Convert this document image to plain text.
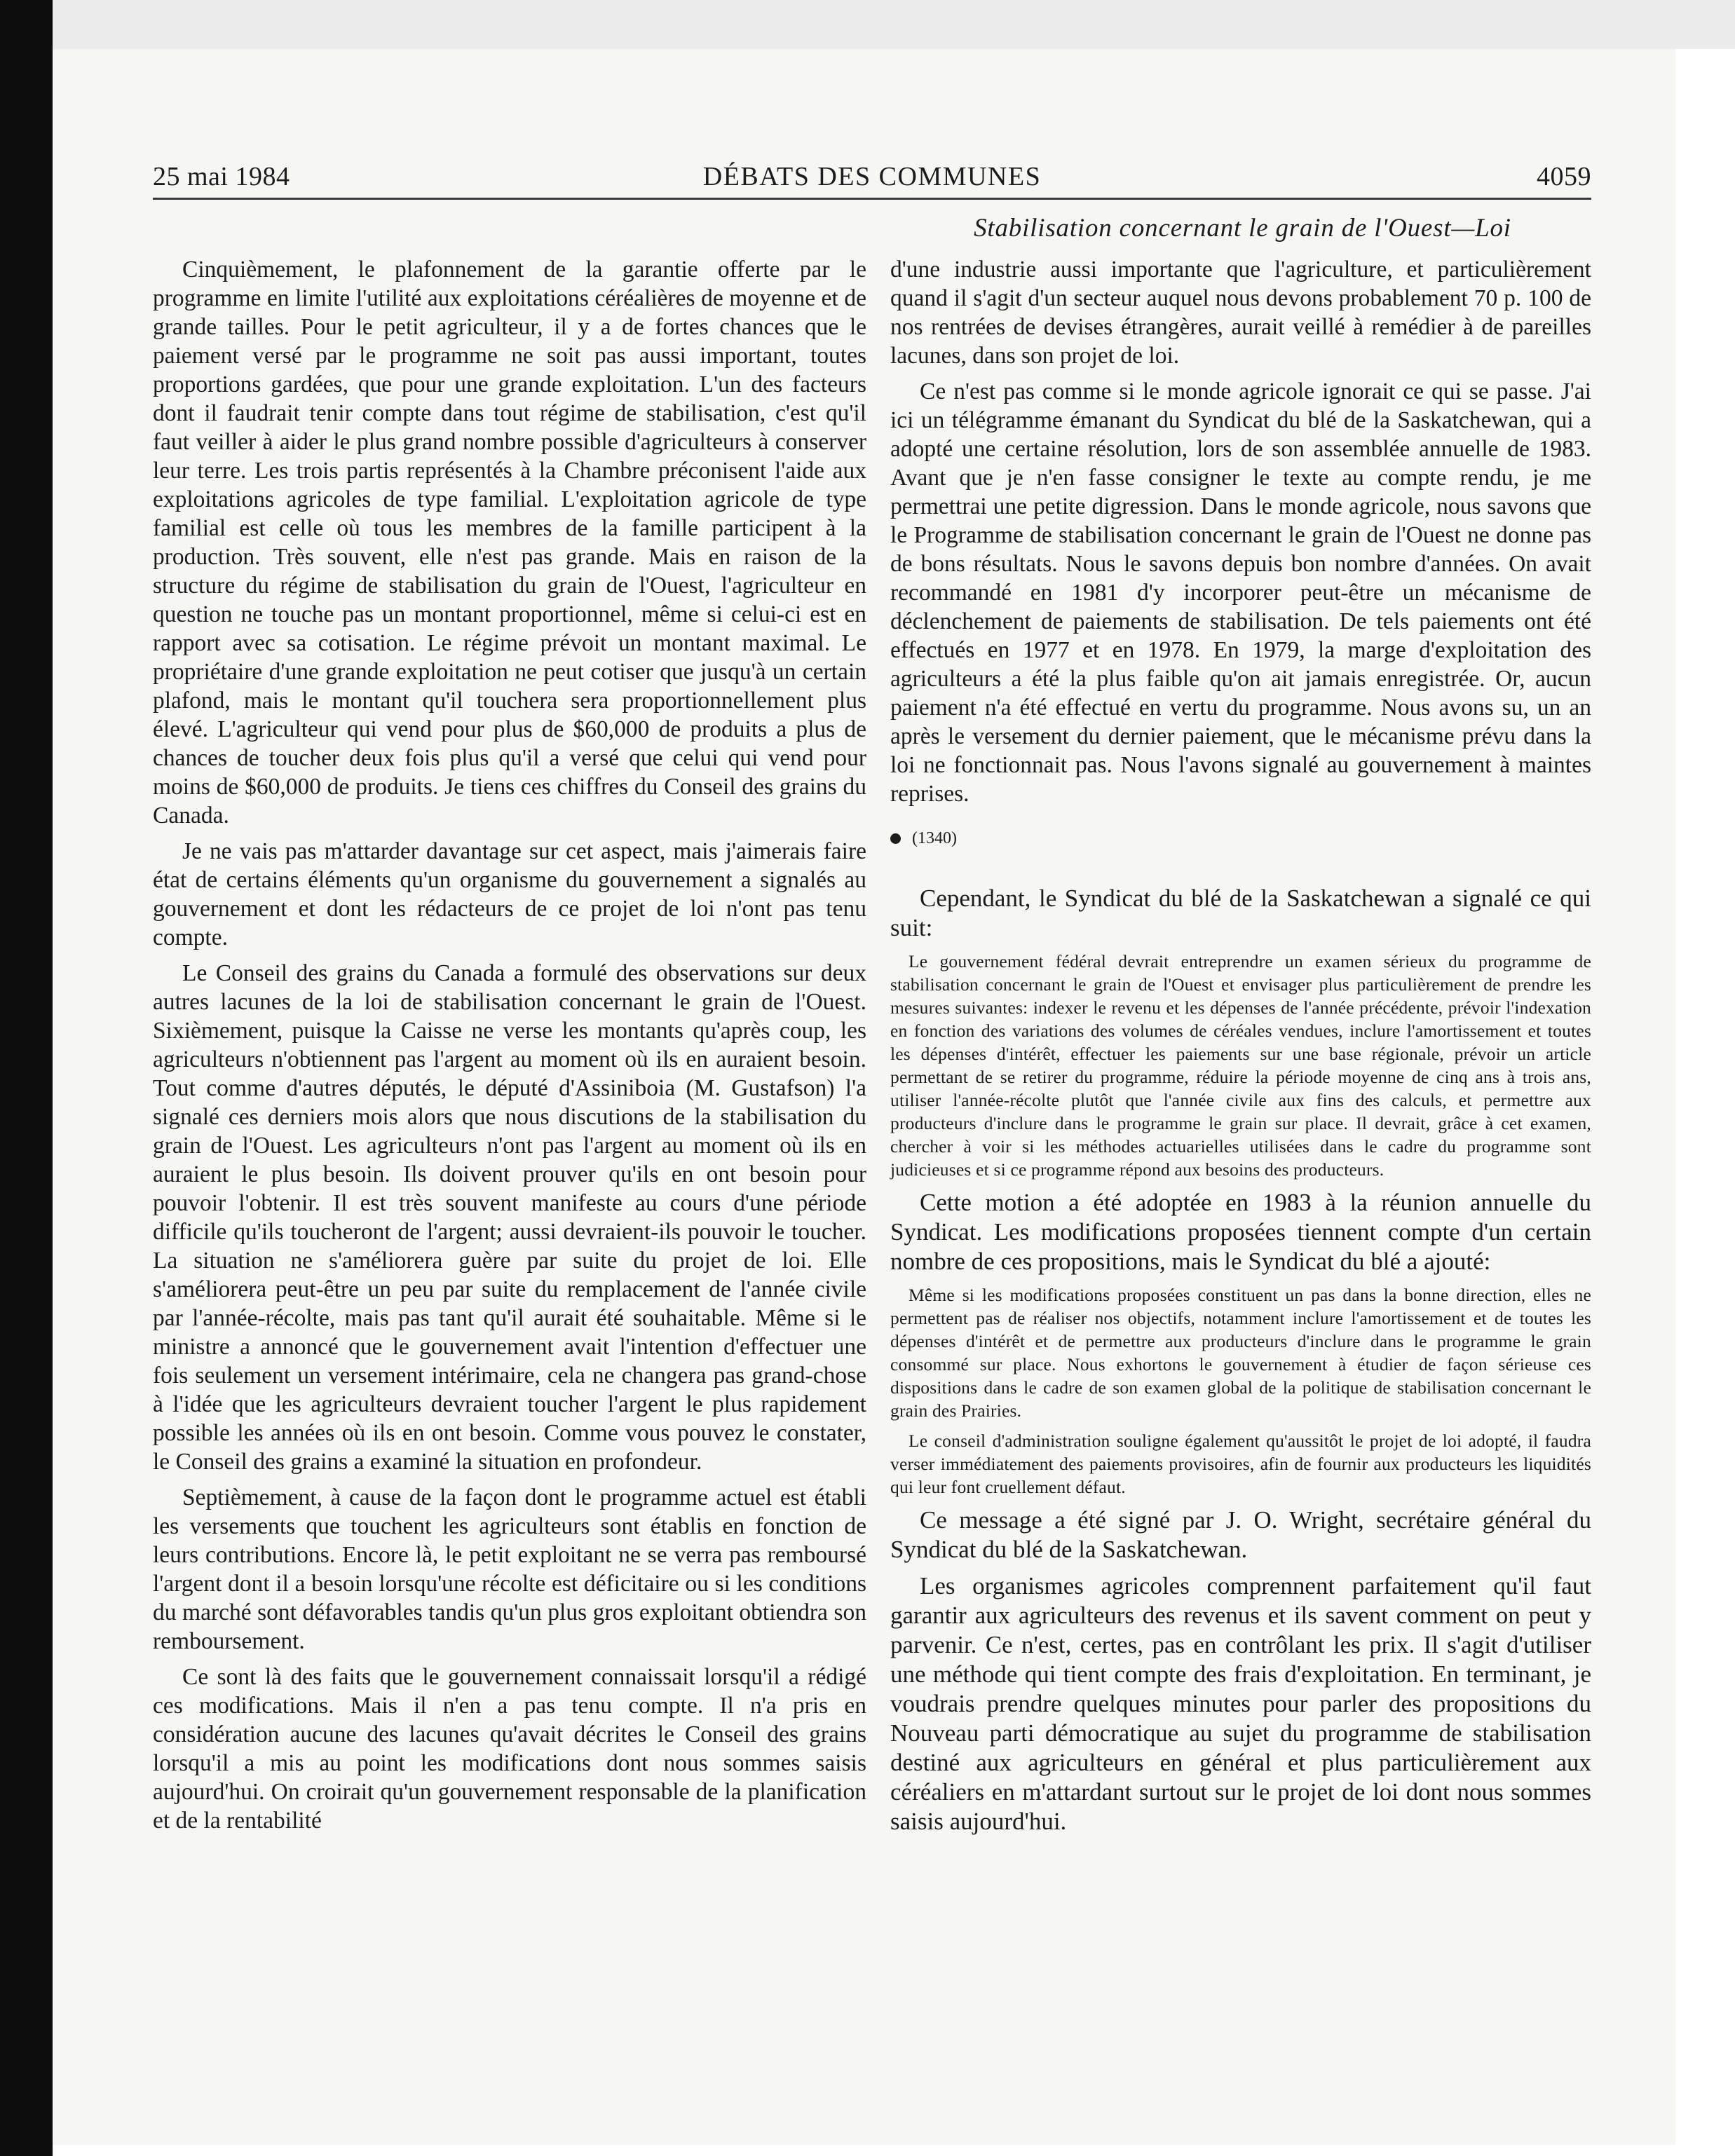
25 mai 1984	DÉBATS DES COMMUNES	4059
Stabilisation concernant le grain de l'Ouest—Loi

Cinquièmement, le plafonnement de la garantie offerte par le programme en limite l'utilité aux exploitations céréalières de moyenne et de grande tailles. Pour le petit agriculteur, il y a de fortes chances que le paiement versé par le programme ne soit pas aussi important, toutes proportions gardées, que pour une grande exploitation. L'un des facteurs dont il faudrait tenir compte dans tout régime de stabilisation, c'est qu'il faut veiller à aider le plus grand nombre possible d'agriculteurs à conserver leur terre. Les trois partis représentés à la Chambre préconisent l'aide aux exploitations agricoles de type familial. L'exploitation agricole de type familial est celle où tous les membres de la famille participent à la production. Très souvent, elle n'est pas grande. Mais en raison de la structure du régime de stabilisation du grain de l'Ouest, l'agriculteur en question ne touche pas un montant proportionnel, même si celui-ci est en rapport avec sa cotisation. Le régime prévoit un montant maximal. Le propriétaire d'une grande exploitation ne peut cotiser que jusqu'à un certain plafond, mais le montant qu'il touchera sera proportionnellement plus élevé. L'agriculteur qui vend pour plus de $60,000 de produits a plus de chances de toucher deux fois plus qu'il a versé que celui qui vend pour moins de $60,000 de produits. Je tiens ces chiffres du Conseil des grains du Canada.

Je ne vais pas m'attarder davantage sur cet aspect, mais j'aimerais faire état de certains éléments qu'un organisme du gouvernement a signalés au gouvernement et dont les rédacteurs de ce projet de loi n'ont pas tenu compte.

Le Conseil des grains du Canada a formulé des observations sur deux autres lacunes de la loi de stabilisation concernant le grain de l'Ouest. Sixièmement, puisque la Caisse ne verse les montants qu'après coup, les agriculteurs n'obtiennent pas l'argent au moment où ils en auraient besoin. Tout comme d'autres députés, le député d'Assiniboia (M. Gustafson) l'a signalé ces derniers mois alors que nous discutions de la stabilisation du grain de l'Ouest. Les agriculteurs n'ont pas l'argent au moment où ils en auraient le plus besoin. Ils doivent prouver qu'ils en ont besoin pour pouvoir l'obtenir. Il est très souvent manifeste au cours d'une période difficile qu'ils toucheront de l'argent; aussi devraient-ils pouvoir le toucher. La situation ne s'améliorera guère par suite du projet de loi. Elle s'améliorera peut-être un peu par suite du remplacement de l'année civile par l'année-récolte, mais pas tant qu'il aurait été souhaitable. Même si le ministre a annoncé que le gouvernement avait l'intention d'effectuer une fois seulement un versement intérimaire, cela ne changera pas grand-chose à l'idée que les agriculteurs devraient toucher l'argent le plus rapidement possible les années où ils en ont besoin. Comme vous pouvez le constater, le Conseil des grains a examiné la situation en profondeur.

Septièmement, à cause de la façon dont le programme actuel est établi les versements que touchent les agriculteurs sont établis en fonction de leurs contributions. Encore là, le petit exploitant ne se verra pas remboursé l'argent dont il a besoin lorsqu'une récolte est déficitaire ou si les conditions du marché sont défavorables tandis qu'un plus gros exploitant obtiendra son remboursement.

Ce sont là des faits que le gouvernement connaissait lorsqu'il a rédigé ces modifications. Mais il n'en a pas tenu compte. Il n'a pris en considération aucune des lacunes qu'avait décrites le Conseil des grains lorsqu'il a mis au point les modifications dont nous sommes saisis aujourd'hui. On croirait qu'un gouvernement responsable de la planification et de la rentabilité

d'une industrie aussi importante que l'agriculture, et particulièrement quand il s'agit d'un secteur auquel nous devons probablement 70 p. 100 de nos rentrées de devises étrangères, aurait veillé à remédier à de pareilles lacunes, dans son projet de loi.

Ce n'est pas comme si le monde agricole ignorait ce qui se passe. J'ai ici un télégramme émanant du Syndicat du blé de la Saskatchewan, qui a adopté une certaine résolution, lors de son assemblée annuelle de 1983. Avant que je n'en fasse consigner le texte au compte rendu, je me permettrai une petite digression. Dans le monde agricole, nous savons que le Programme de stabilisation concernant le grain de l'Ouest ne donne pas de bons résultats. Nous le savons depuis bon nombre d'années. On avait recommandé en 1981 d'y incorporer peut-être un mécanisme de déclenchement de paiements de stabilisation. De tels paiements ont été effectués en 1977 et en 1978. En 1979, la marge d'exploitation des agriculteurs a été la plus faible qu'on ait jamais enregistrée. Or, aucun paiement n'a été effectué en vertu du programme. Nous avons su, un an après le versement du dernier paiement, que le mécanisme prévu dans la loi ne fonctionnait pas. Nous l'avons signalé au gouvernement à maintes reprises.

(1340)

Cependant, le Syndicat du blé de la Saskatchewan a signalé ce qui suit:

Le gouvernement fédéral devrait entreprendre un examen sérieux du programme de stabilisation concernant le grain de l'Ouest et envisager plus particulièrement de prendre les mesures suivantes: indexer le revenu et les dépenses de l'année précédente, prévoir l'indexation en fonction des variations des volumes de céréales vendues, inclure l'amortissement et toutes les dépenses d'intérêt, effectuer les paiements sur une base régionale, prévoir un article permettant de se retirer du programme, réduire la période moyenne de cinq ans à trois ans, utiliser l'année-récolte plutôt que l'année civile aux fins des calculs, et permettre aux producteurs d'inclure dans le programme le grain sur place. Il devrait, grâce à cet examen, chercher à voir si les méthodes actuarielles utilisées dans le cadre du programme sont judicieuses et si ce programme répond aux besoins des producteurs.

Cette motion a été adoptée en 1983 à la réunion annuelle du Syndicat. Les modifications proposées tiennent compte d'un certain nombre de ces propositions, mais le Syndicat du blé a ajouté:

Même si les modifications proposées constituent un pas dans la bonne direction, elles ne permettent pas de réaliser nos objectifs, notamment inclure l'amortissement et de toutes les dépenses d'intérêt et de permettre aux producteurs d'inclure dans le programme le grain consommé sur place. Nous exhortons le gouvernement à étudier de façon sérieuse ces dispositions dans le cadre de son examen global de la politique de stabilisation concernant le grain des Prairies.

Le conseil d'administration souligne également qu'aussitôt le projet de loi adopté, il faudra verser immédiatement des paiements provisoires, afin de fournir aux producteurs les liquidités qui leur font cruellement défaut.

Ce message a été signé par J. O. Wright, secrétaire général du Syndicat du blé de la Saskatchewan.

Les organismes agricoles comprennent parfaitement qu'il faut garantir aux agriculteurs des revenus et ils savent comment on peut y parvenir. Ce n'est, certes, pas en contrôlant les prix. Il s'agit d'utiliser une méthode qui tient compte des frais d'exploitation. En terminant, je voudrais prendre quelques minutes pour parler des propositions du Nouveau parti démocratique au sujet du programme de stabilisation destiné aux agriculteurs en général et plus particulièrement aux céréaliers en m'attardant surtout sur le projet de loi dont nous sommes saisis aujourd'hui.
